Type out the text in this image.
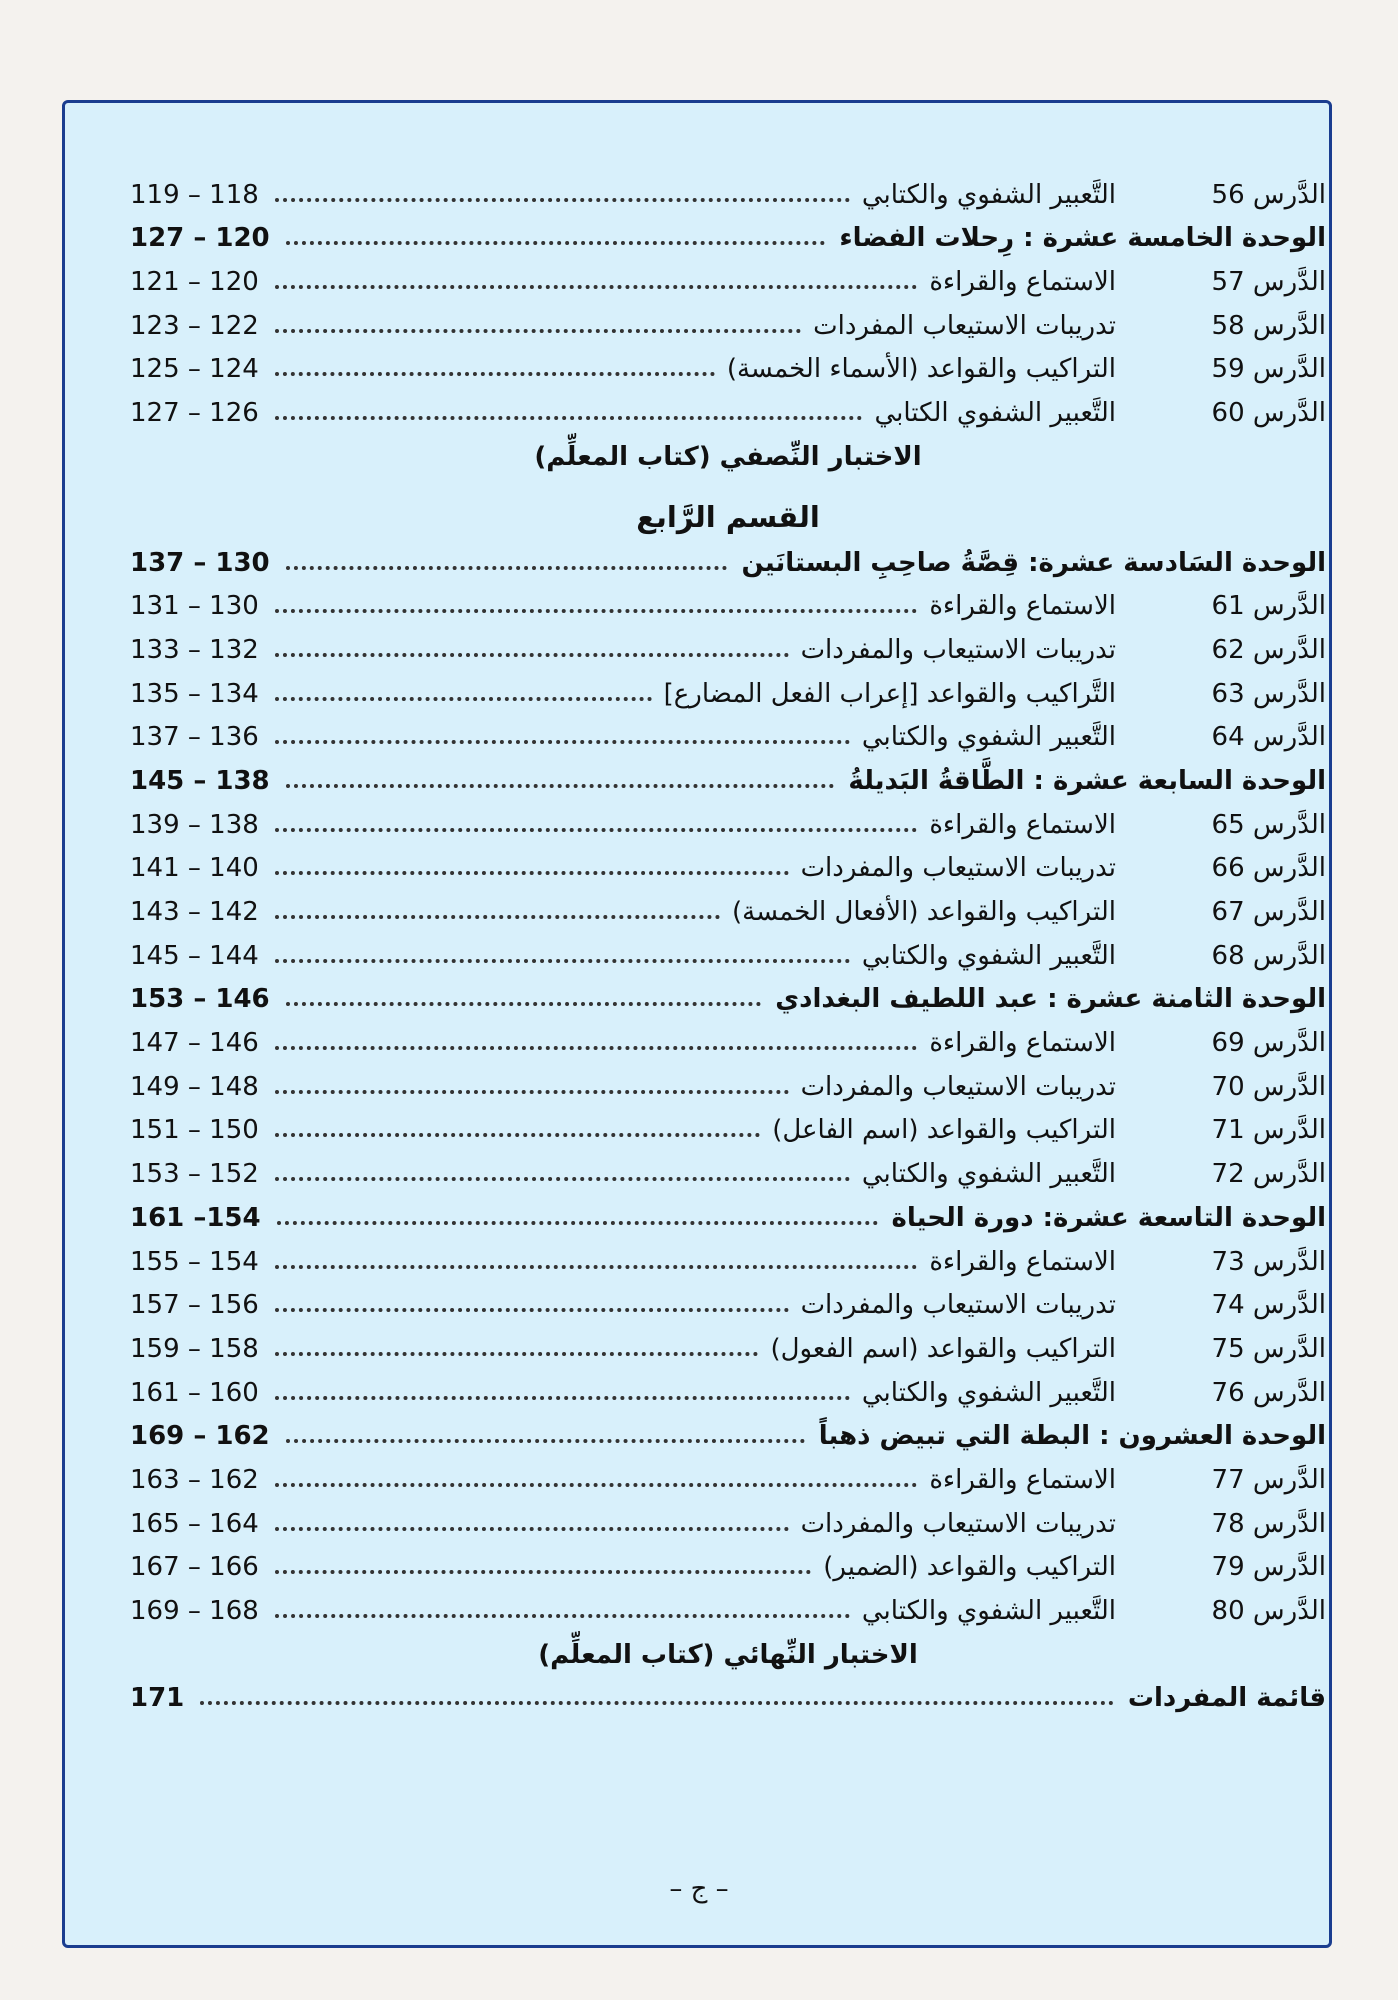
119 – 118	التَّعبير الشفوي والكتابي	الدَّرس 56
127 – 120	الوحدة الخامسة عشرة : رِحلات الفضاء
121 – 120	الاستماع والقراءة	الدَّرس 57
123 – 122	تدريبات الاستيعاب المفردات	الدَّرس 58
125 – 124	التراكيب والقواعد (الأسماء الخمسة)	الدَّرس 59
127 – 126	التَّعبير الشفوي الكتابي	الدَّرس 60
الاختبار النِّصفي (كتاب المعلِّم)
القسم الرَّابع
137 – 130	الوحدة السَادسة عشرة: قِصَّةُ صاحِبِ البستانَين
131 – 130	الاستماع والقراءة	الدَّرس 61
133 – 132	تدريبات الاستيعاب والمفردات	الدَّرس 62
135 – 134	التَّراكيب والقواعد [إعراب الفعل المضارع]	الدَّرس 63
137 – 136	التَّعبير الشفوي والكتابي	الدَّرس 64
145 – 138	الوحدة السابعة عشرة : الطَّاقةُ البَديلةُ
139 – 138	الاستماع والقراءة	الدَّرس 65
141 – 140	تدريبات الاستيعاب والمفردات	الدَّرس 66
143 – 142	التراكيب والقواعد (الأفعال الخمسة)	الدَّرس 67
145 – 144	التَّعبير الشفوي والكتابي	الدَّرس 68
153 – 146	الوحدة الثامنة عشرة : عبد اللطيف البغدادي
147 – 146	الاستماع والقراءة	الدَّرس 69
149 – 148	تدريبات الاستيعاب والمفردات	الدَّرس 70
151 – 150	التراكيب والقواعد (اسم الفاعل)	الدَّرس 71
153 – 152	التَّعبير الشفوي والكتابي	الدَّرس 72
161 –154	الوحدة التاسعة عشرة: دورة الحياة
155 – 154	الاستماع والقراءة	الدَّرس 73
157 – 156	تدريبات الاستيعاب والمفردات	الدَّرس 74
159 – 158	التراكيب والقواعد (اسم الفعول)	الدَّرس 75
161 – 160	التَّعبير الشفوي والكتابي	الدَّرس 76
169 – 162	الوحدة العشرون : البطة التي تبيض ذهباً
163 – 162	الاستماع والقراءة	الدَّرس 77
165 – 164	تدريبات الاستيعاب والمفردات	الدَّرس 78
167 – 166	التراكيب والقواعد (الضمير)	الدَّرس 79
169 – 168	التَّعبير الشفوي والكتابي	الدَّرس 80
الاختبار النِّهائي (كتاب المعلِّم)
171	قائمة المفردات
– ج –
